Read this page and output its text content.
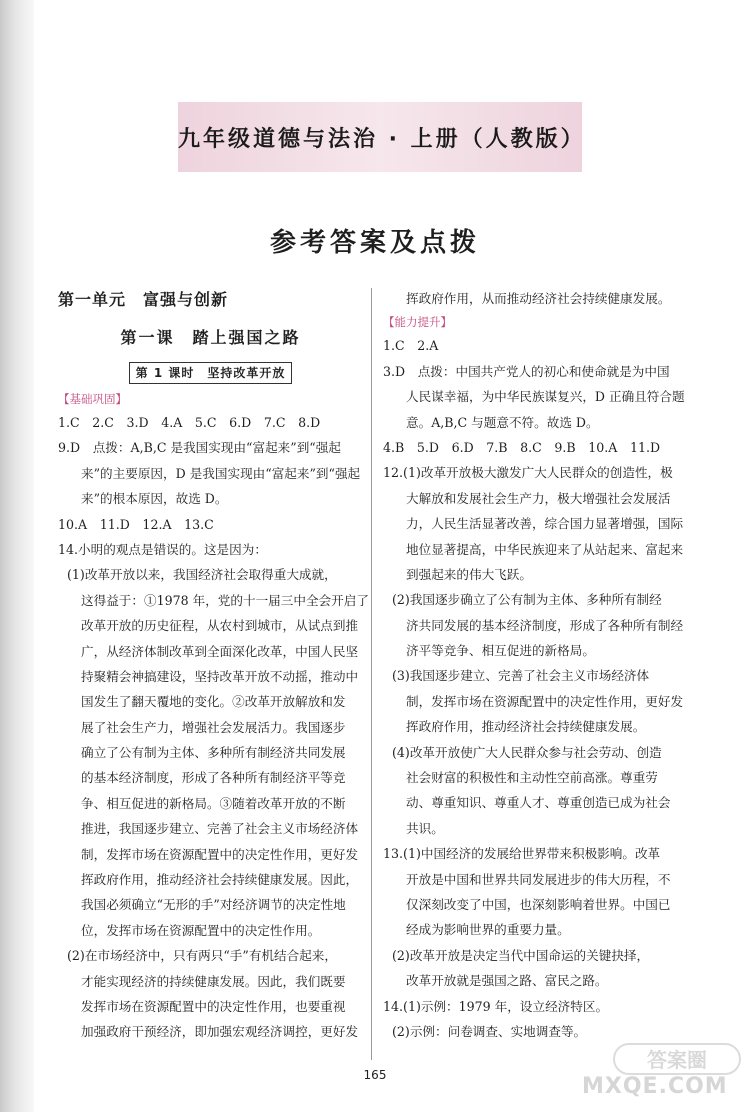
九年级道德与法治 · 上册（人教版）
参考答案及点拨
第一单元　富强与创新
第一课　踏上强国之路
第 1 课时　坚持改革开放
【基础巩固】
1.C　2.C　3.D　4.A　5.C　6.D　7.C　8.D
9.D　点拨：A,B,C 是我国实现由“富起来”到“强起
来”的主要原因，D 是我国实现由“富起来”到“强起
来”的根本原因，故选 D。
10.A　11.D　12.A　13.C
14.小明的观点是错误的。这是因为：
(1)改革开放以来，我国经济社会取得重大成就，
这得益于：①1978 年，党的十一届三中全会开启了
改革开放的历史征程，从农村到城市，从试点到推
广，从经济体制改革到全面深化改革，中国人民坚
持聚精会神搞建设，坚持改革开放不动摇，推动中
国发生了翻天覆地的变化。②改革开放解放和发
展了社会生产力，增强社会发展活力。我国逐步
确立了公有制为主体、多种所有制经济共同发展
的基本经济制度，形成了各种所有制经济平等竞
争、相互促进的新格局。③随着改革开放的不断
推进，我国逐步建立、完善了社会主义市场经济体
制，发挥市场在资源配置中的决定性作用，更好发
挥政府作用，推动经济社会持续健康发展。因此，
我国必须确立“无形的手”对经济调节的决定性地
位，发挥市场在资源配置中的决定性作用。
(2)在市场经济中，只有两只“手”有机结合起来，
才能实现经济的持续健康发展。因此，我们既要
发挥市场在资源配置中的决定性作用，也要重视
加强政府干预经济，即加强宏观经济调控，更好发
挥政府作用，从而推动经济社会持续健康发展。
【能力提升】
1.C　2.A
3.D　点拨：中国共产党人的初心和使命就是为中国
人民谋幸福，为中华民族谋复兴，D 正确且符合题
意。A,B,C 与题意不符。故选 D。
4.B　5.D　6.D　7.B　8.C　9.B　10.A　11.D
12.(1)改革开放极大激发广大人民群众的创造性，极
大解放和发展社会生产力，极大增强社会发展活
力，人民生活显著改善，综合国力显著增强，国际
地位显著提高，中华民族迎来了从站起来、富起来
到强起来的伟大飞跃。
(2)我国逐步确立了公有制为主体、多种所有制经
济共同发展的基本经济制度，形成了各种所有制经
济平等竞争、相互促进的新格局。
(3)我国逐步建立、完善了社会主义市场经济体
制，发挥市场在资源配置中的决定性作用，更好发
挥政府作用，推动经济社会持续健康发展。
(4)改革开放使广大人民群众参与社会劳动、创造
社会财富的积极性和主动性空前高涨。尊重劳
动、尊重知识、尊重人才、尊重创造已成为社会
共识。
13.(1)中国经济的发展给世界带来积极影响。改革
开放是中国和世界共同发展进步的伟大历程，不
仅深刻改变了中国，也深刻影响着世界。中国已
经成为影响世界的重要力量。
(2)改革开放是决定当代中国命运的关键抉择，
改革开放就是强国之路、富民之路。
14.(1)示例：1979 年，设立经济特区。
(2)示例：问卷调查、实地调查等。
165
答案圈
MXQE.COM
